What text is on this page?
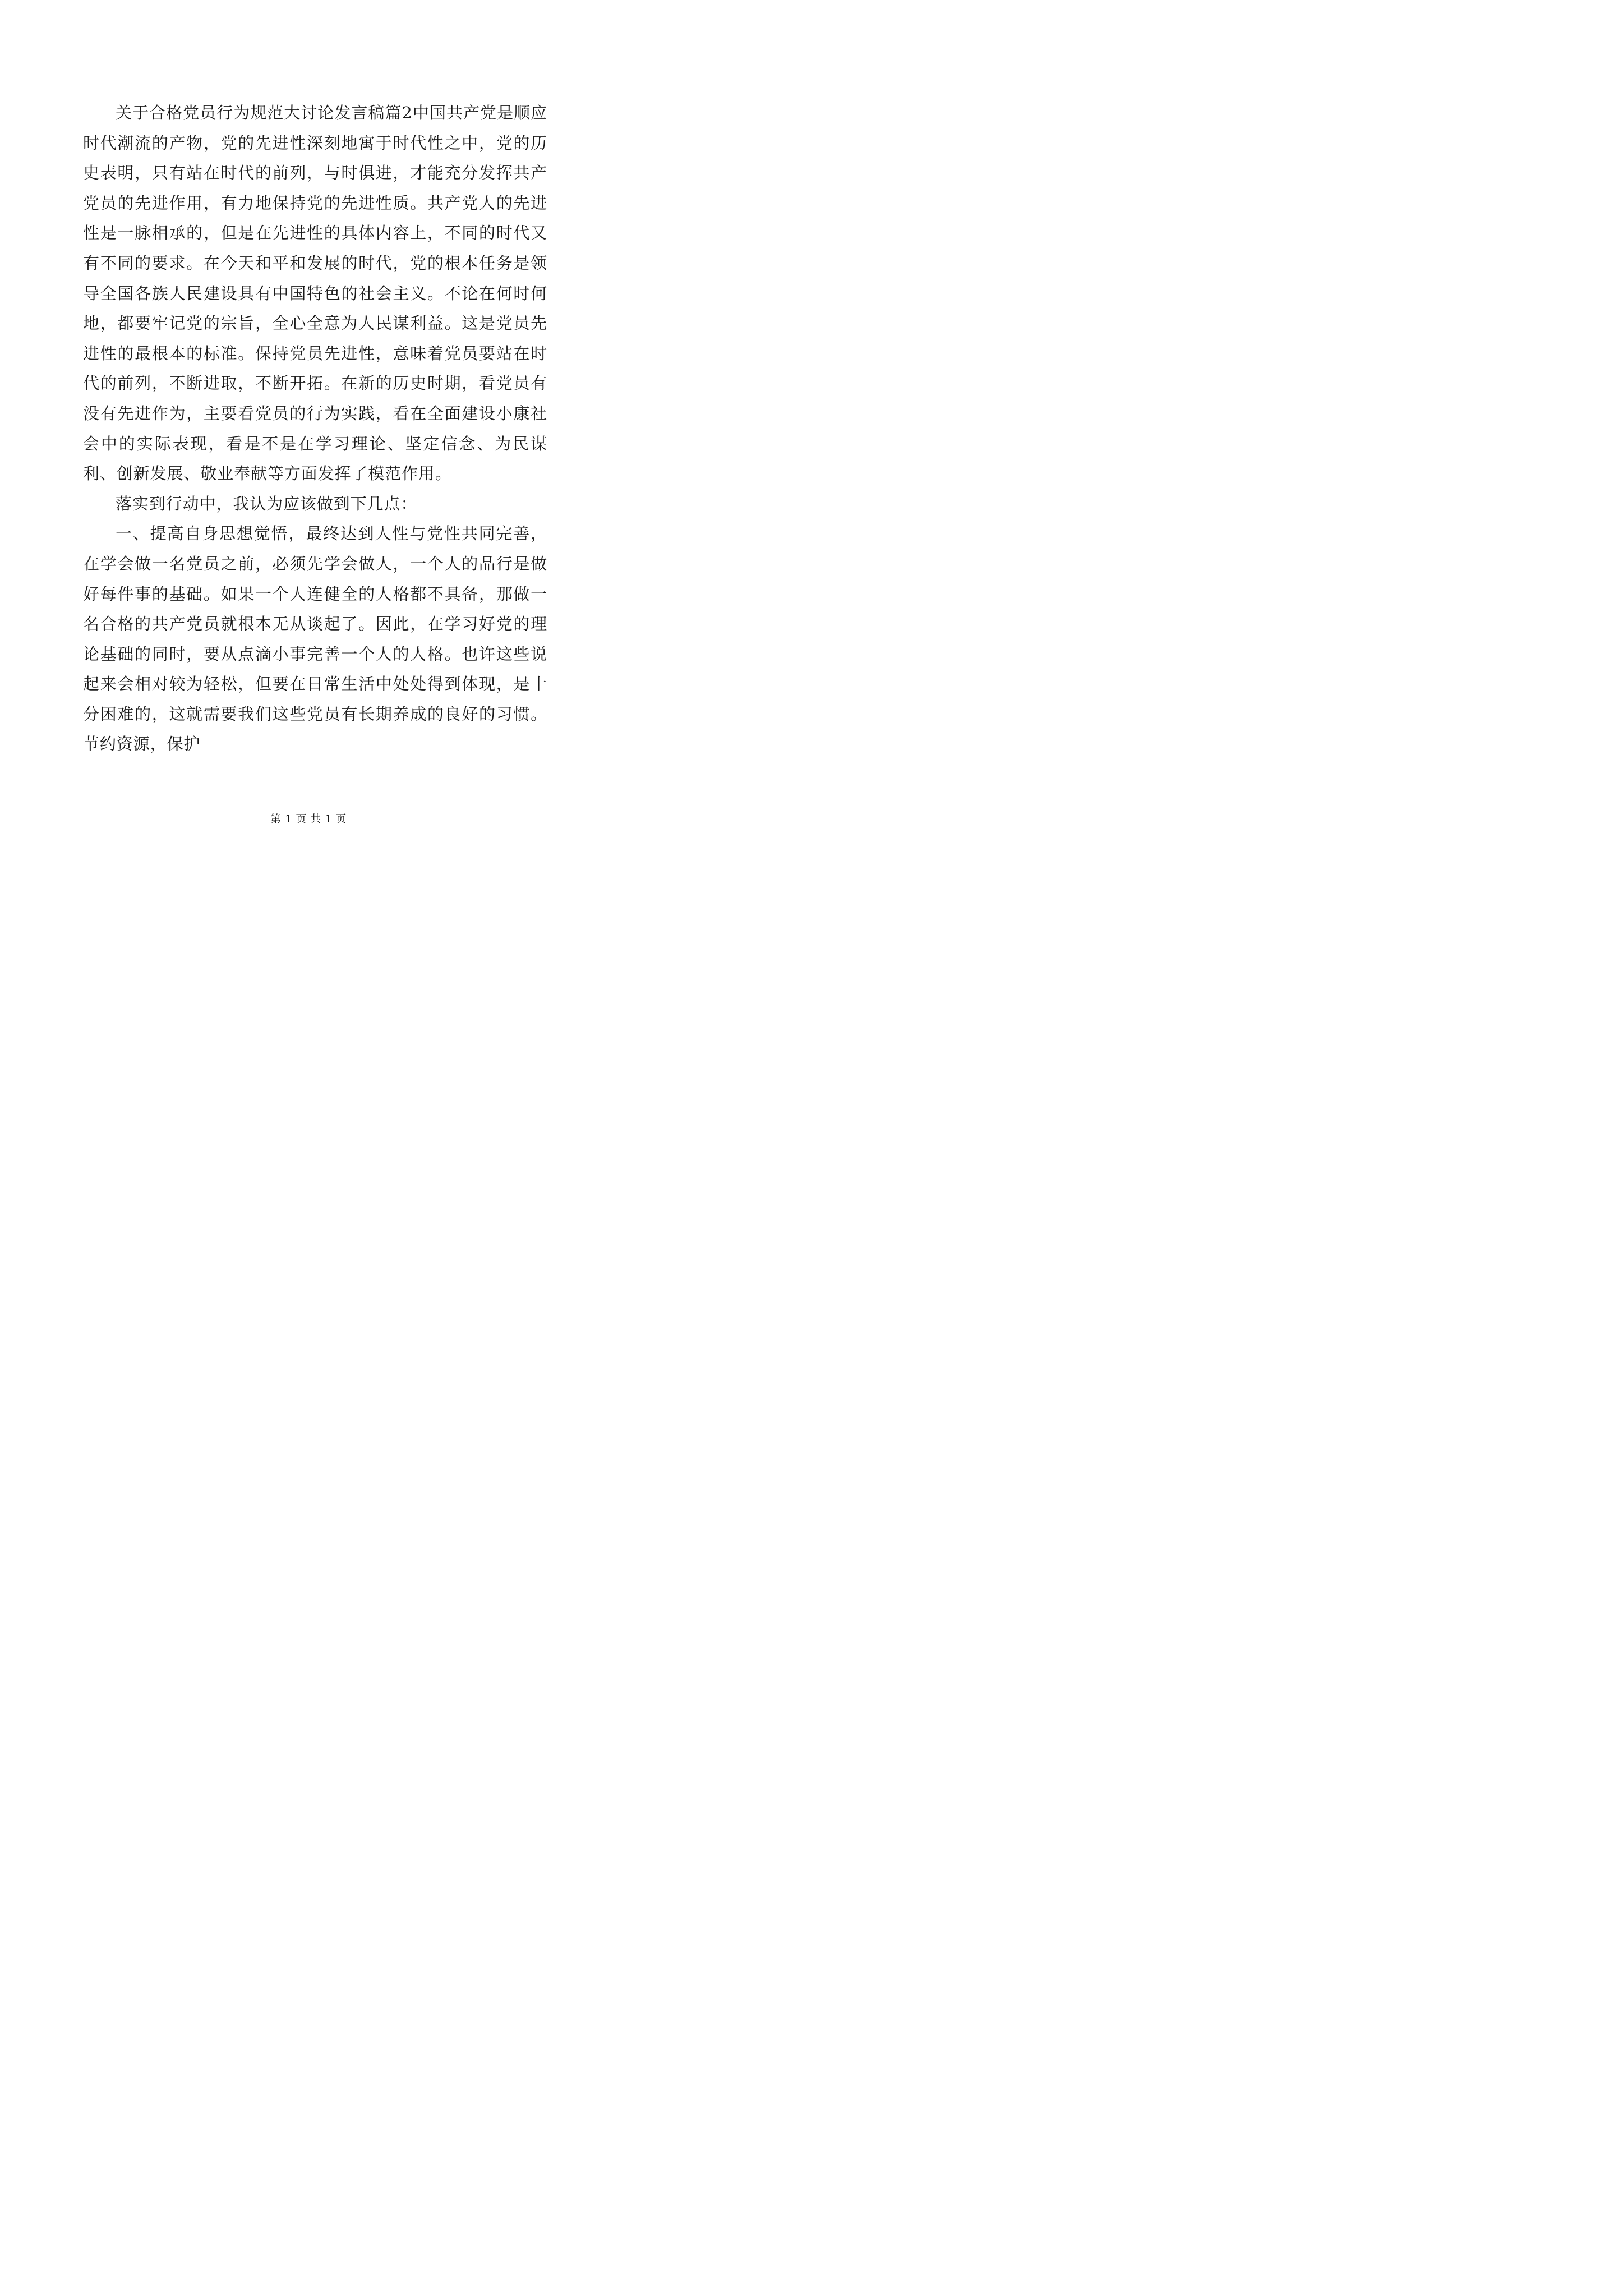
关于合格党员行为规范大讨论发言稿篇2中国共产党是顺应时代潮流的产物，党的先进性深刻地寓于时代性之中，党的历史表明，只有站在时代的前列，与时俱进，才能充分发挥共产党员的先进作用，有力地保持党的先进性质。共产党人的先进性是一脉相承的，但是在先进性的具体内容上，不同的时代又有不同的要求。在今天和平和发展的时代，党的根本任务是领导全国各族人民建设具有中国特色的社会主义。不论在何时何地，都要牢记党的宗旨，全心全意为人民谋利益。这是党员先进性的最根本的标准。保持党员先进性，意味着党员要站在时代的前列，不断进取，不断开拓。在新的历史时期，看党员有没有先进作为，主要看党员的行为实践，看在全面建设小康社会中的实际表现，看是不是在学习理论、坚定信念、为民谋利、创新发展、敬业奉献等方面发挥了模范作用。

落实到行动中，我认为应该做到下几点：

一、提高自身思想觉悟，最终达到人性与党性共同完善，在学会做一名党员之前，必须先学会做人，一个人的品行是做好每件事的基础。如果一个人连健全的人格都不具备，那做一名合格的共产党员就根本无从谈起了。因此，在学习好党的理论基础的同时，要从点滴小事完善一个人的人格。也许这些说起来会相对较为轻松，但要在日常生活中处处得到体现，是十分困难的，这就需要我们这些党员有长期养成的良好的习惯。节约资源，保护

第 1 页 共 1 页
